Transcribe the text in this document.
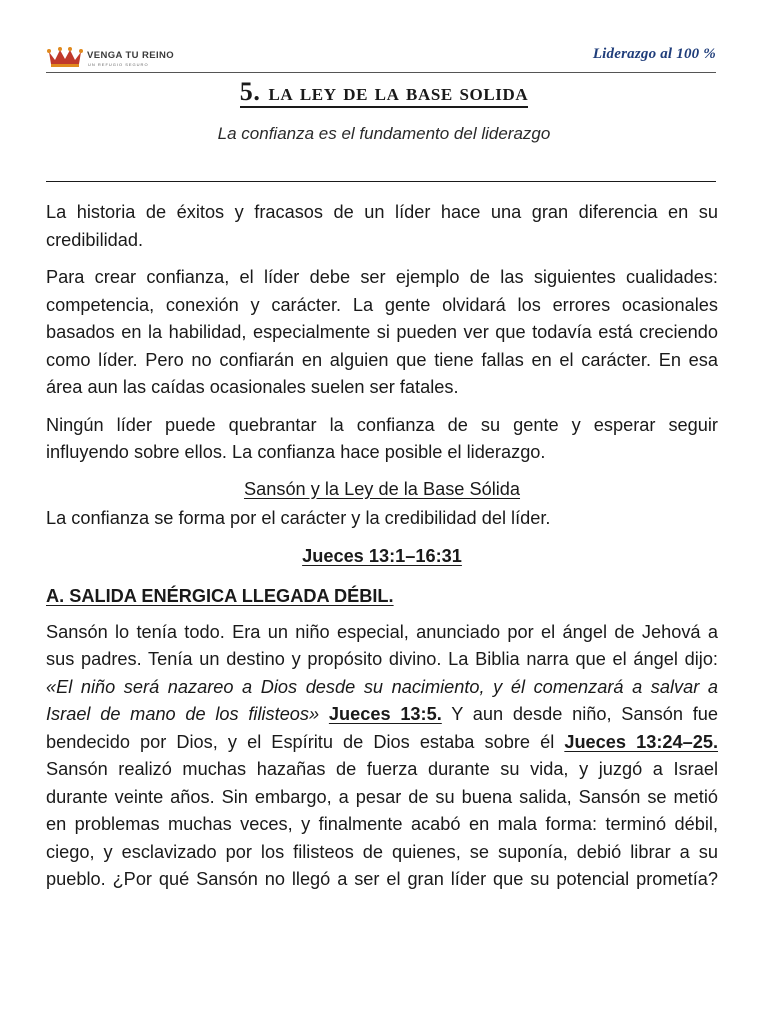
VENGA TU REINO
UN REFUGIO SEGURO
Liderazgo al 100 %
5. la ley de la base solida
La confianza es el fundamento del liderazgo

La historia de éxitos y fracasos de un líder hace una gran diferencia en su credibilidad.

Para crear confianza, el líder debe ser ejemplo de las siguientes cualidades: competencia, conexión y carácter. La gente olvidará los errores ocasionales basados en la habilidad, especialmente si pueden ver que todavía está creciendo como líder. Pero no confiarán en alguien que tiene fallas en el carácter. En esa área aun las caídas ocasionales suelen ser fatales.

Ningún líder puede quebrantar la confianza de su gente y esperar seguir influyendo sobre ellos. La confianza hace posible el liderazgo.

Sansón y la Ley de la Base Sólida

La confianza se forma por el carácter y la credibilidad del líder.

Jueces 13:1–16:31
A. SALIDA ENÉRGICA LLEGADA DÉBIL.

Sansón lo tenía todo. Era un niño especial, anunciado por el ángel de Jehová a sus padres. Tenía un destino y propósito divino. La Biblia narra que el ángel dijo: «El niño será nazareo a Dios desde su nacimiento, y él comenzará a salvar a Israel de mano de los filisteos» Jueces 13:5. Y aun desde niño, Sansón fue bendecido por Dios, y el Espíritu de Dios estaba sobre él Jueces 13:24–25. Sansón realizó muchas hazañas de fuerza durante su vida, y juzgó a Israel durante veinte años. Sin embargo, a pesar de su buena salida, Sansón se metió en problemas muchas veces, y finalmente acabó en mala forma: terminó débil, ciego, y esclavizado por los filisteos de quienes, se suponía, debió librar a su pueblo. ¿Por qué Sansón no llegó a ser el gran líder que su potencial prometía?
